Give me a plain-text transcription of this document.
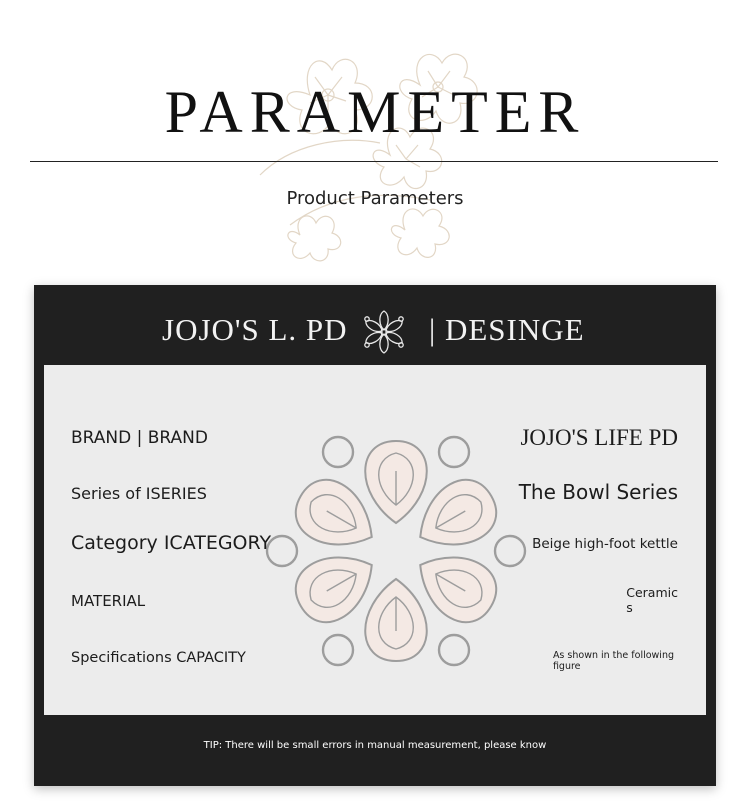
PARAMETER
Product Parameters
JOJO'S L. PD	| DESINGE
BRAND | BRAND	JOJO'S LIFE PD
Series of ISERIES	The Bowl Series
Category ICATEGORY	Beige high-foot kettle
MATERIAL	Ceramic
s
Specifications CAPACITY	As shown in the following
figure
TIP: There will be small errors in manual measurement, please know
